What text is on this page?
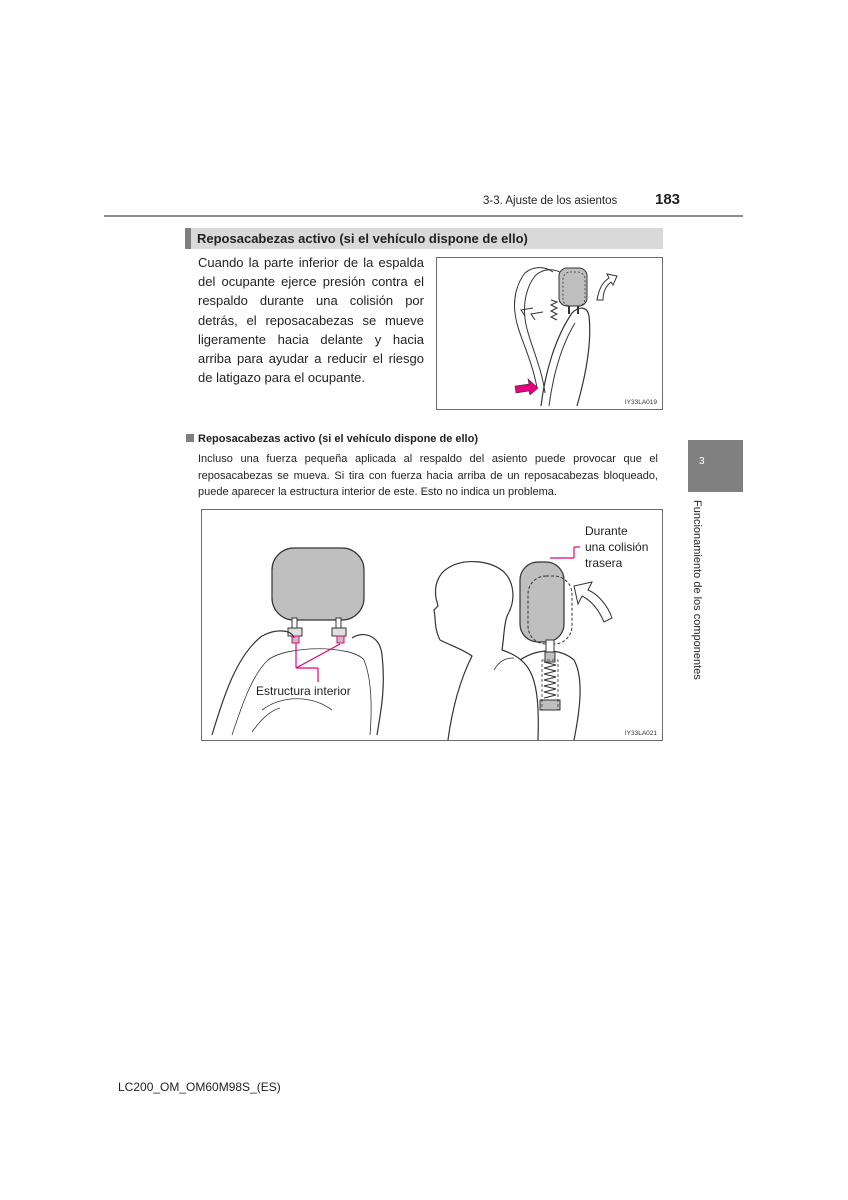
3-3. Ajuste de los asientos	183
Reposacabezas activo (si el vehículo dispone de ello)
Cuando la parte inferior de la espalda del ocupante ejerce presión contra el respaldo durante una colisión por detrás, el reposacabezas se mueve ligeramente hacia delante y hacia arriba para ayudar a reducir el riesgo de latigazo para el ocupante.
IY33LA019
Reposacabezas activo (si el vehículo dispone de ello)
Incluso una fuerza pequeña aplicada al respaldo del asiento puede provocar que el reposacabezas se mueva. Si tira con fuerza hacia arriba de un reposacabezas bloqueado, puede aparecer la estructura interior de este. Esto no indica un problema.
Estructura interior
Durante
una colisión
trasera
IY33LA021
3
Funcionamiento de los componentes
LC200_OM_OM60M98S_(ES)
